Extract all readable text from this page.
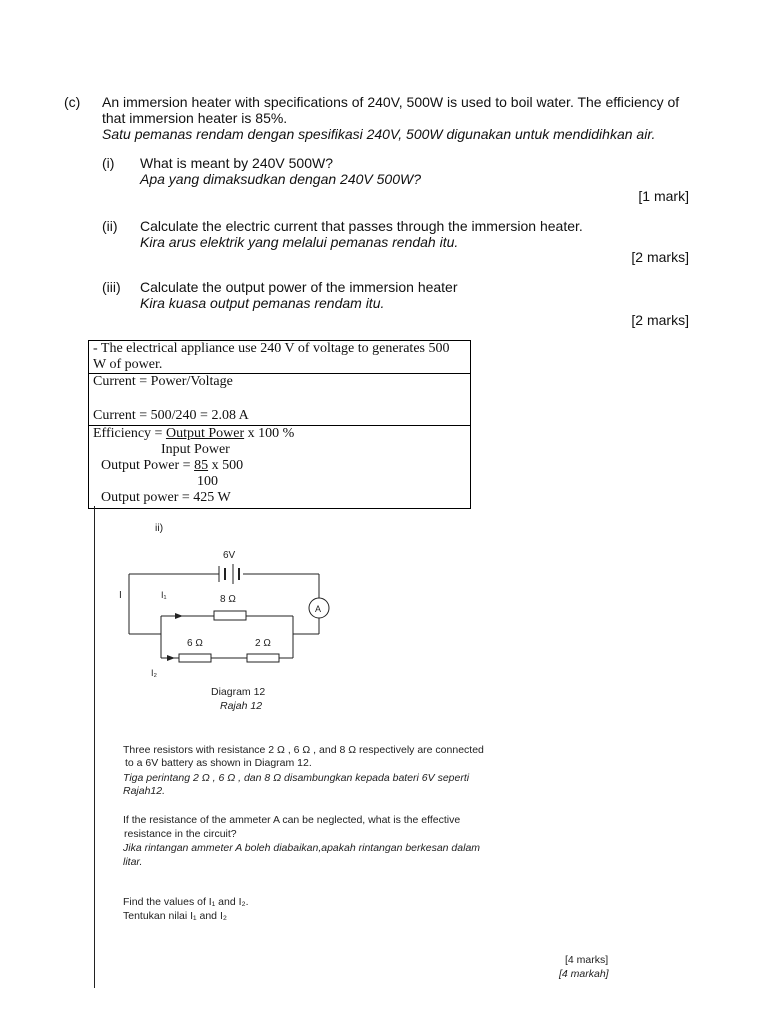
(c) An immersion heater with specifications of 240V, 500W is used to boil water. The efficiency of
that immersion heater is 85%.
Satu pemanas rendam dengan spesifikasi 240V, 500W digunakan untuk mendidihkan air.
(i) What is meant by 240V 500W?
Apa yang dimaksudkan dengan 240V 500W?
[1 mark]
(ii) Calculate the electric current that passes through the immersion heater.
Kira arus elektrik yang melalui pemanas rendah itu.
[2 marks]
(iii) Calculate the output power of the immersion heater
Kira kuasa output pemanas rendam itu.
[2 marks]
- The electrical appliance use 240 V of voltage to generates 500
W of power.
Current = Power/Voltage
Current = 500/240 = 2.08 A
Efficiency = Output Power x 100 %
Input Power
Output Power = 85 x 500
100
Output power = 425 W
ii)
6V
I	I₁	8 Ω
6 Ω	2 Ω
A
I₂
Diagram 12
Rajah 12
Three resistors with resistance 2 Ω , 6 Ω , and 8 Ω respectively are connected
to a 6V battery as shown in Diagram 12.
Tiga perintang 2 Ω , 6 Ω , dan 8 Ω disambungkan kepada bateri 6V seperti
Rajah12.
If the resistance of the ammeter A can be neglected, what is the effective
resistance in the circuit?
Jika rintangan ammeter A boleh diabaikan,apakah rintangan berkesan dalam
litar.
Find the values of I₁ and I₂.
Tentukan nilai I₁ and I₂
[4 marks]
[4 markah]
